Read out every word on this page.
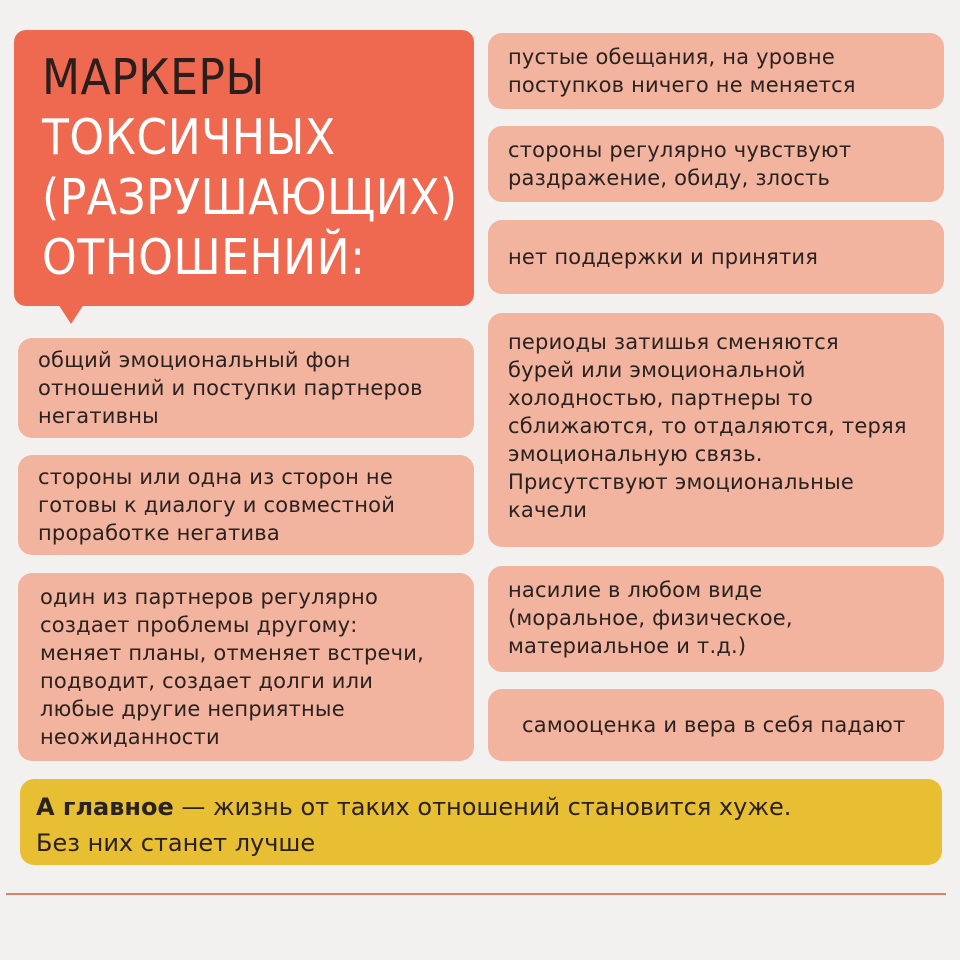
МАРКЕРЫ
ТОКСИЧНЫХ
(РАЗРУШАЮЩИХ)
ОТНОШЕНИЙ:
общий эмоциональный фон
отношений и поступки партнеров
негативны
стороны или одна из сторон не
готовы к диалогу и совместной
проработке негатива
один из партнеров регулярно
создает проблемы другому:
меняет планы, отменяет встречи,
подводит, создает долги или
любые другие неприятные
неожиданности
пустые обещания, на уровне
поступков ничего не меняется
стороны регулярно чувствуют
раздражение, обиду, злость
нет поддержки и принятия
периоды затишья сменяются
бурей или эмоциональной
холодностью, партнеры то
сближаются, то отдаляются, теряя
эмоциональную связь.
Присутствуют эмоциональные
качели
насилие в любом виде
(моральное, физическое,
материальное и т.д.)
самооценка и вера в себя падают
А главное — жизнь от таких отношений становится хуже.
Без них станет лучше
